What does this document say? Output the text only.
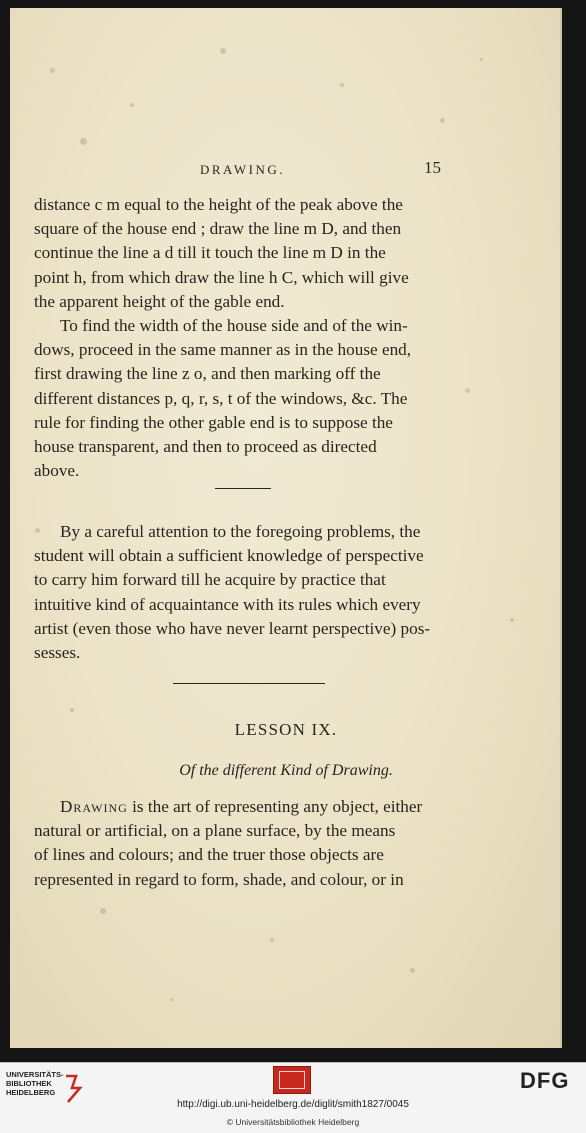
DRAWING.	15
distance c m equal to the height of the peak above the
square of the house end ; draw the line m D, and then
continue the line a d till it touch the line m D in the
point h, from which draw the line h C, which will give
the apparent height of the gable end.
To find the width of the house side and of the win-
dows, proceed in the same manner as in the house end,
first drawing the line z o, and then marking off the
different distances p, q, r, s, t of the windows, &c. The
rule for finding the other gable end is to suppose the
house transparent, and then to proceed as directed
above.
By a careful attention to the foregoing problems, the
student will obtain a sufficient knowledge of perspective
to carry him forward till he acquire by practice that
intuitive kind of acquaintance with its rules which every
artist (even those who have never learnt perspective) pos-
sesses.
LESSON IX.
Of the different Kind of Drawing.
Drawing is the art of representing any object, either
natural or artificial, on a plane surface, by the means
of lines and colours; and the truer those objects are
represented in regard to form, shade, and colour, or in
UNIVERSITÄTS-
BIBLIOTHEK
HEIDELBERG	DFG
http://digi.ub.uni-heidelberg.de/diglit/smith1827/0045
© Universitätsbibliothek Heidelberg
